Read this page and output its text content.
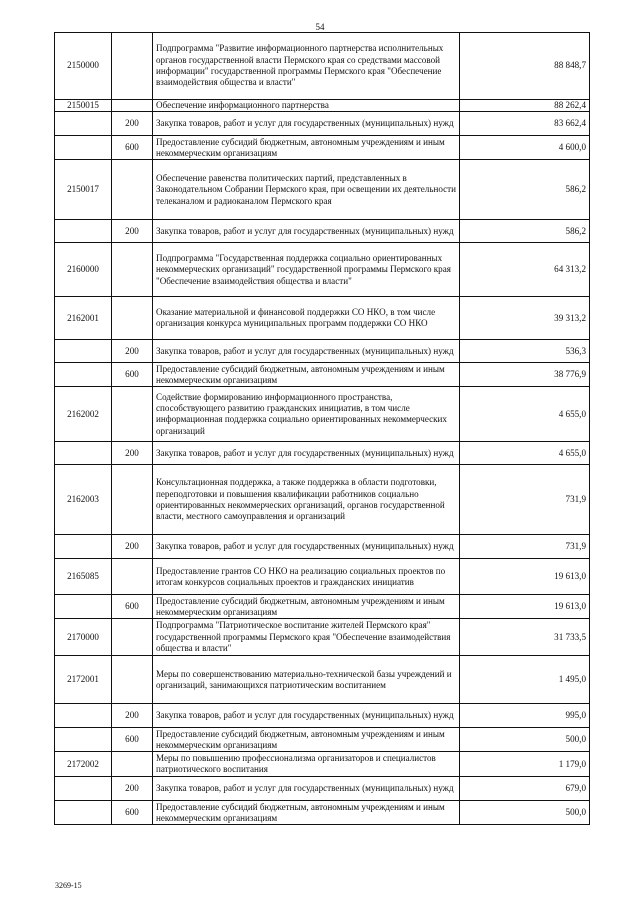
54
2150000		Подпрограмма "Развитие информационного партнерства исполнительных органов государственной власти Пермского края со средствами массовой информации" государственной программы Пермского края "Обеспечение взаимодействия общества и власти"	88 848,7
2150015		Обеспечение информационного партнерства	88 262,4
	200	Закупка товаров, работ и услуг для государственных (муниципальных) нужд	83 662,4
	600	Предоставление субсидий бюджетным, автономным учреждениям и иным некоммерческим организациям	4 600,0
2150017		Обеспечение равенства политических партий, представленных в Законодательном Собрании Пермского края, при освещении их деятельности телеканалом и радиоканалом Пермского края	586,2
	200	Закупка товаров, работ и услуг для государственных (муниципальных) нужд	586,2
2160000		Подпрограмма "Государственная поддержка социально ориентированных некоммерческих организаций" государственной программы Пермского края "Обеспечение взаимодействия общества и власти"	64 313,2
2162001		Оказание материальной и финансовой поддержки СО НКО, в том числе организация конкурса муниципальных программ поддержки СО НКО	39 313,2
	200	Закупка товаров, работ и услуг для государственных (муниципальных) нужд	536,3
	600	Предоставление субсидий бюджетным, автономным учреждениям и иным некоммерческим организациям	38 776,9
2162002		Содействие формированию информационного пространства, способствующего развитию гражданских инициатив, в том числе информационная поддержка социально ориентированных некоммерческих организаций	4 655,0
	200	Закупка товаров, работ и услуг для государственных (муниципальных) нужд	4 655,0
2162003		Консультационная поддержка, а также поддержка в области подготовки, переподготовки и повышения квалификации работников социально ориентированных некоммерческих организаций, органов государственной власти, местного самоуправления и организаций	731,9
	200	Закупка товаров, работ и услуг для государственных (муниципальных) нужд	731,9
2165085		Предоставление грантов СО НКО на реализацию социальных проектов по итогам конкурсов социальных проектов и гражданских инициатив	19 613,0
	600	Предоставление субсидий бюджетным, автономным учреждениям и иным некоммерческим организациям	19 613,0
2170000		Подпрограмма "Патриотическое воспитание жителей Пермского края" государственной программы Пермского края "Обеспечение взаимодействия общества и власти"	31 733,5
2172001		Меры по совершенствованию материально-технической базы учреждений и организаций, занимающихся патриотическим воспитанием	1 495,0
	200	Закупка товаров, работ и услуг для государственных (муниципальных) нужд	995,0
	600	Предоставление субсидий бюджетным, автономным учреждениям и иным некоммерческим организациям	500,0
2172002		Меры по повышению профессионализма организаторов и специалистов патриотического воспитания	1 179,0
	200	Закупка товаров, работ и услуг для государственных (муниципальных) нужд	679,0
	600	Предоставление субсидий бюджетным, автономным учреждениям и иным некоммерческим организациям	500,0
3269-15
